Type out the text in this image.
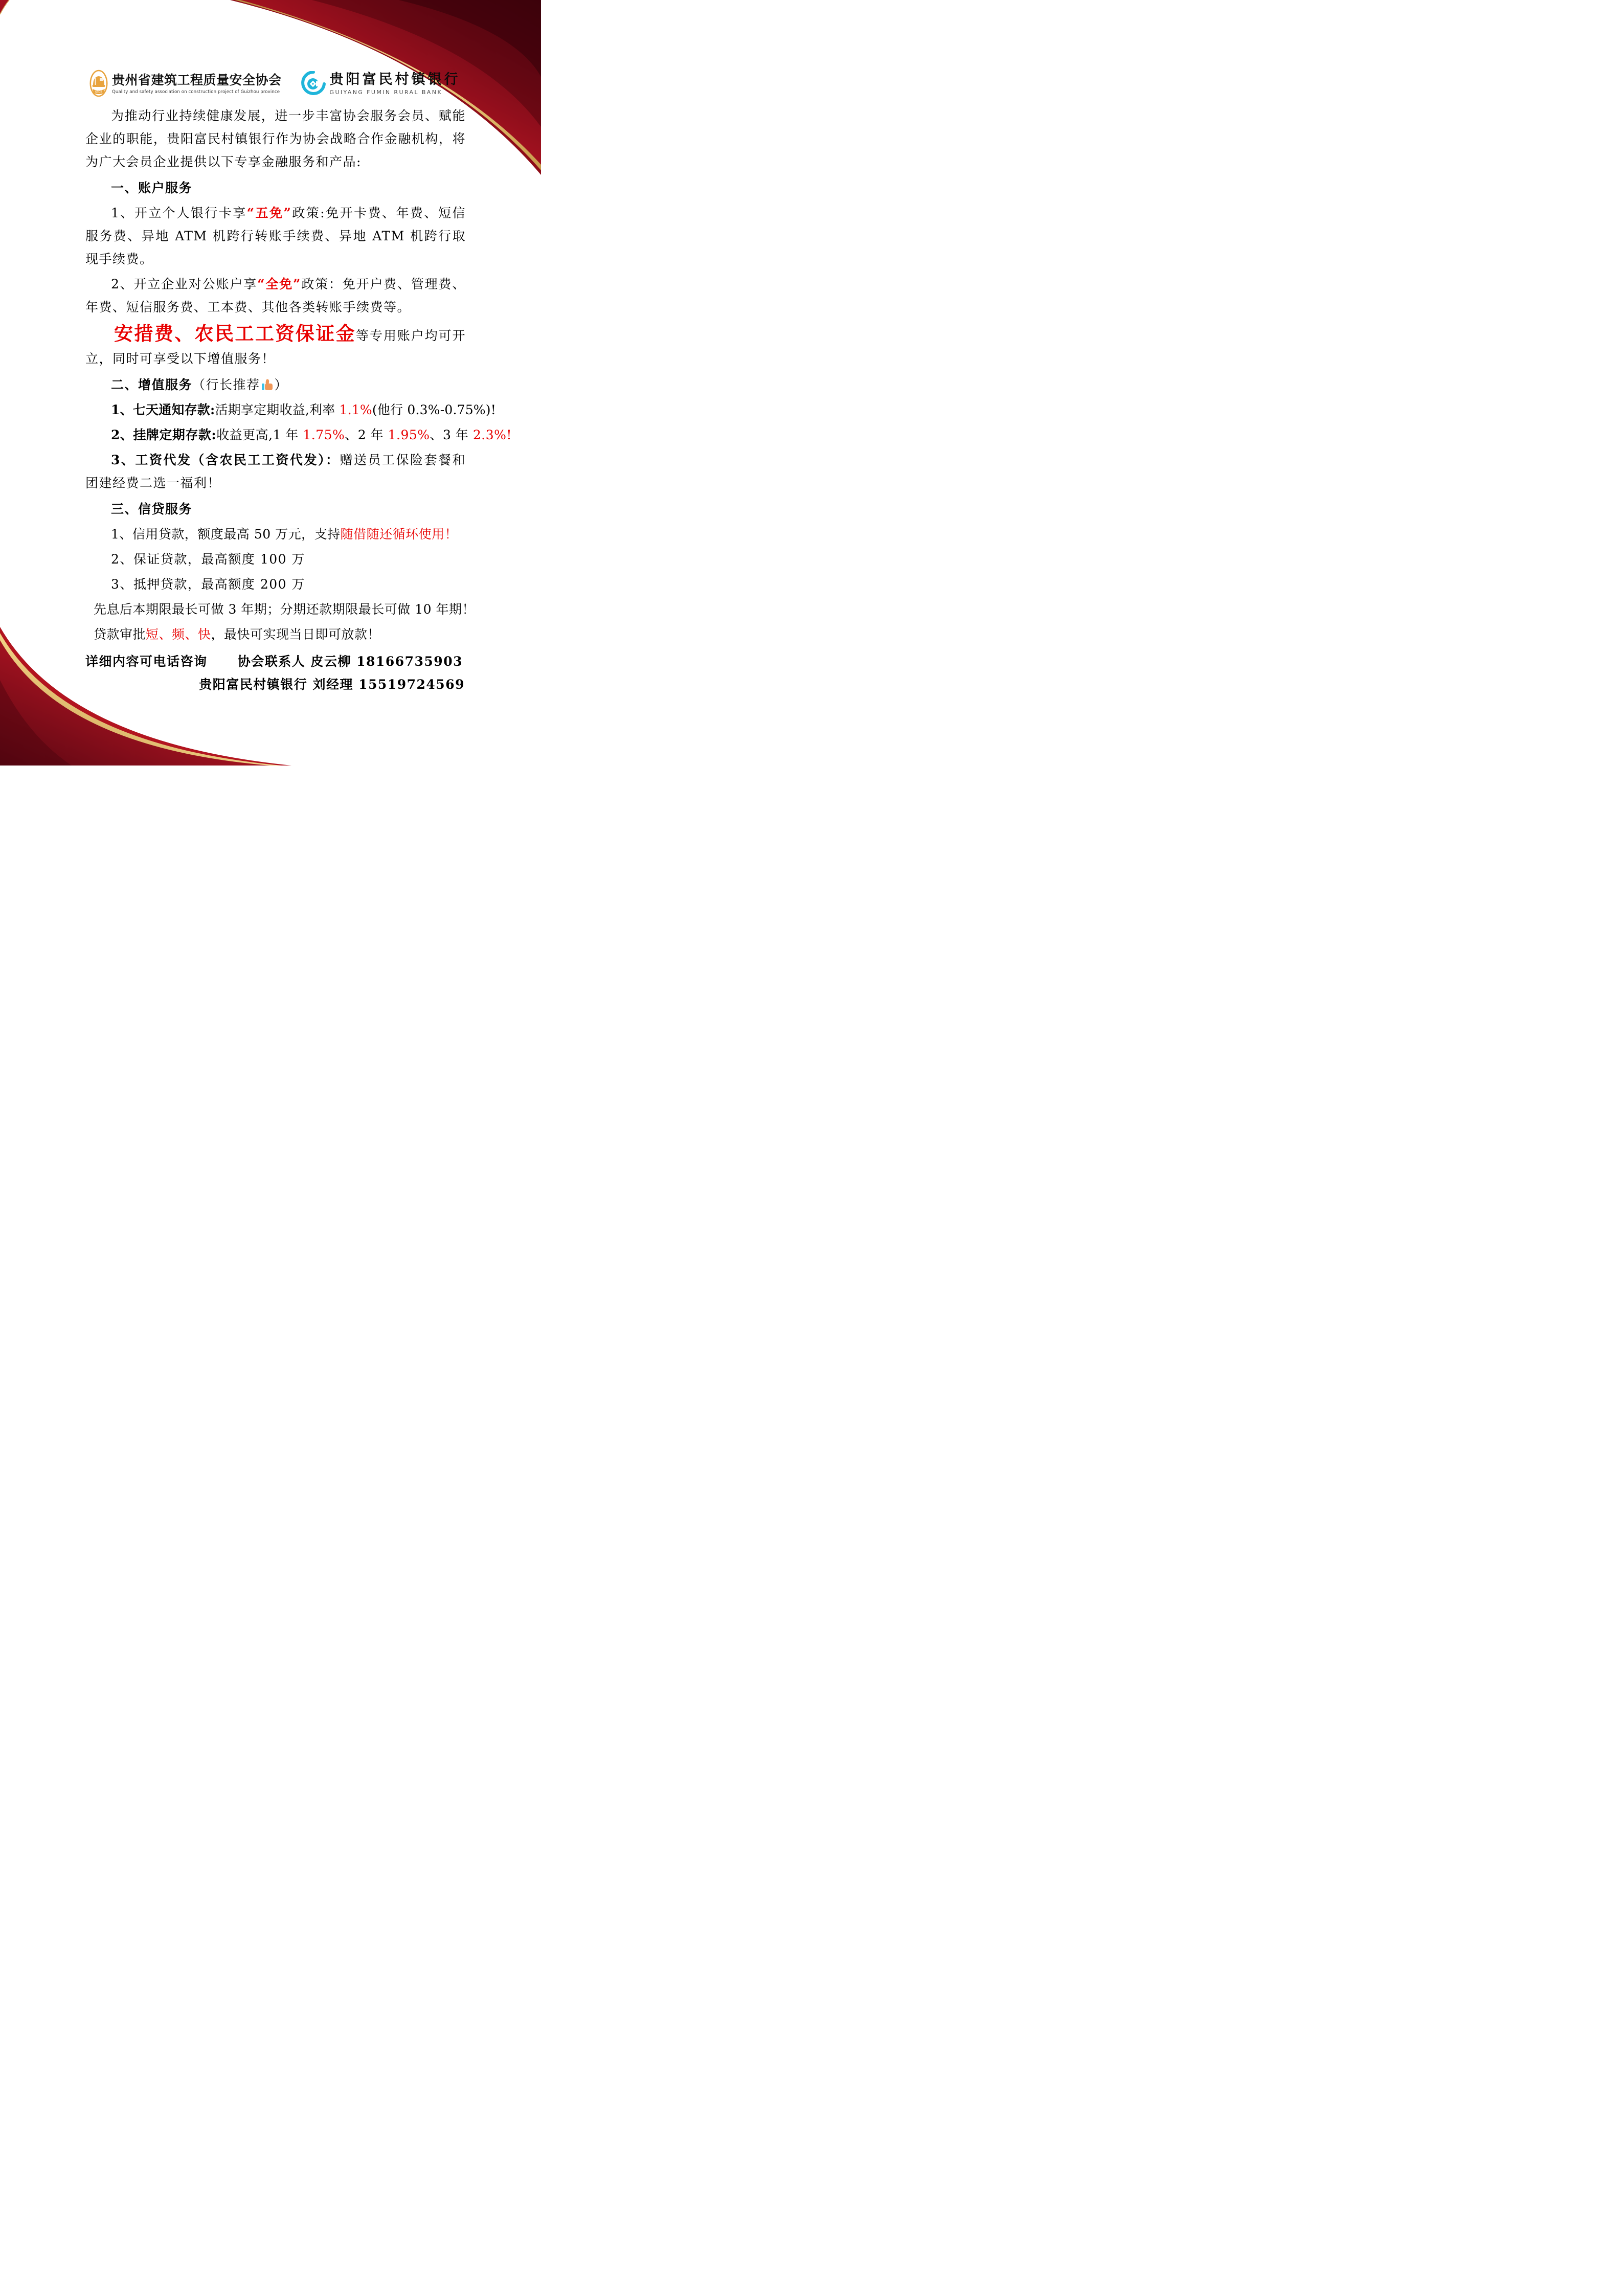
QSGZ
贵州省建筑工程质量安全协会
Quality and safety association on construction project of Guizhou province
贵阳富民村镇银行
GUIYANG FUMIN RURAL BANK

为推动行业持续健康发展，进一步丰富协会服务会员、赋能企业的职能，贵阳富民村镇银行作为协会战略合作金融机构，将为广大会员企业提供以下专享金融服务和产品:

一、账户服务

1、开立个人银行卡享“五免”政策:免开卡费、年费、短信服务费、异地 ATM 机跨行转账手续费、异地 ATM 机跨行取现手续费。

2、开立企业对公账户享“全免”政策：免开户费、管理费、年费、短信服务费、工本费、其他各类转账手续费等。

安措费、农民工工资保证金等专用账户均可开立，同时可享受以下增值服务！

二、增值服务（行长推荐 ）

1、七天通知存款:活期享定期收益,利率 1.1%(他行 0.3%-0.75%)!

2、挂牌定期存款:收益更高,1 年 1.75%、2 年 1.95%、3 年 2.3%!

3、工资代发（含农民工工资代发）：赠送员工保险套餐和团建经费二选一福利！

三、信贷服务

1、信用贷款，额度最高 50 万元，支持随借随还循环使用！

2、保证贷款，最高额度 100 万

3、抵押贷款，最高额度 200 万

先息后本期限最长可做 3 年期；分期还款期限最长可做 10 年期！

贷款审批短、频、快，最快可实现当日即可放款！

详细内容可电话咨询 协会联系人 皮云柳 18166735903
贵阳富民村镇银行 刘经理 15519724569
